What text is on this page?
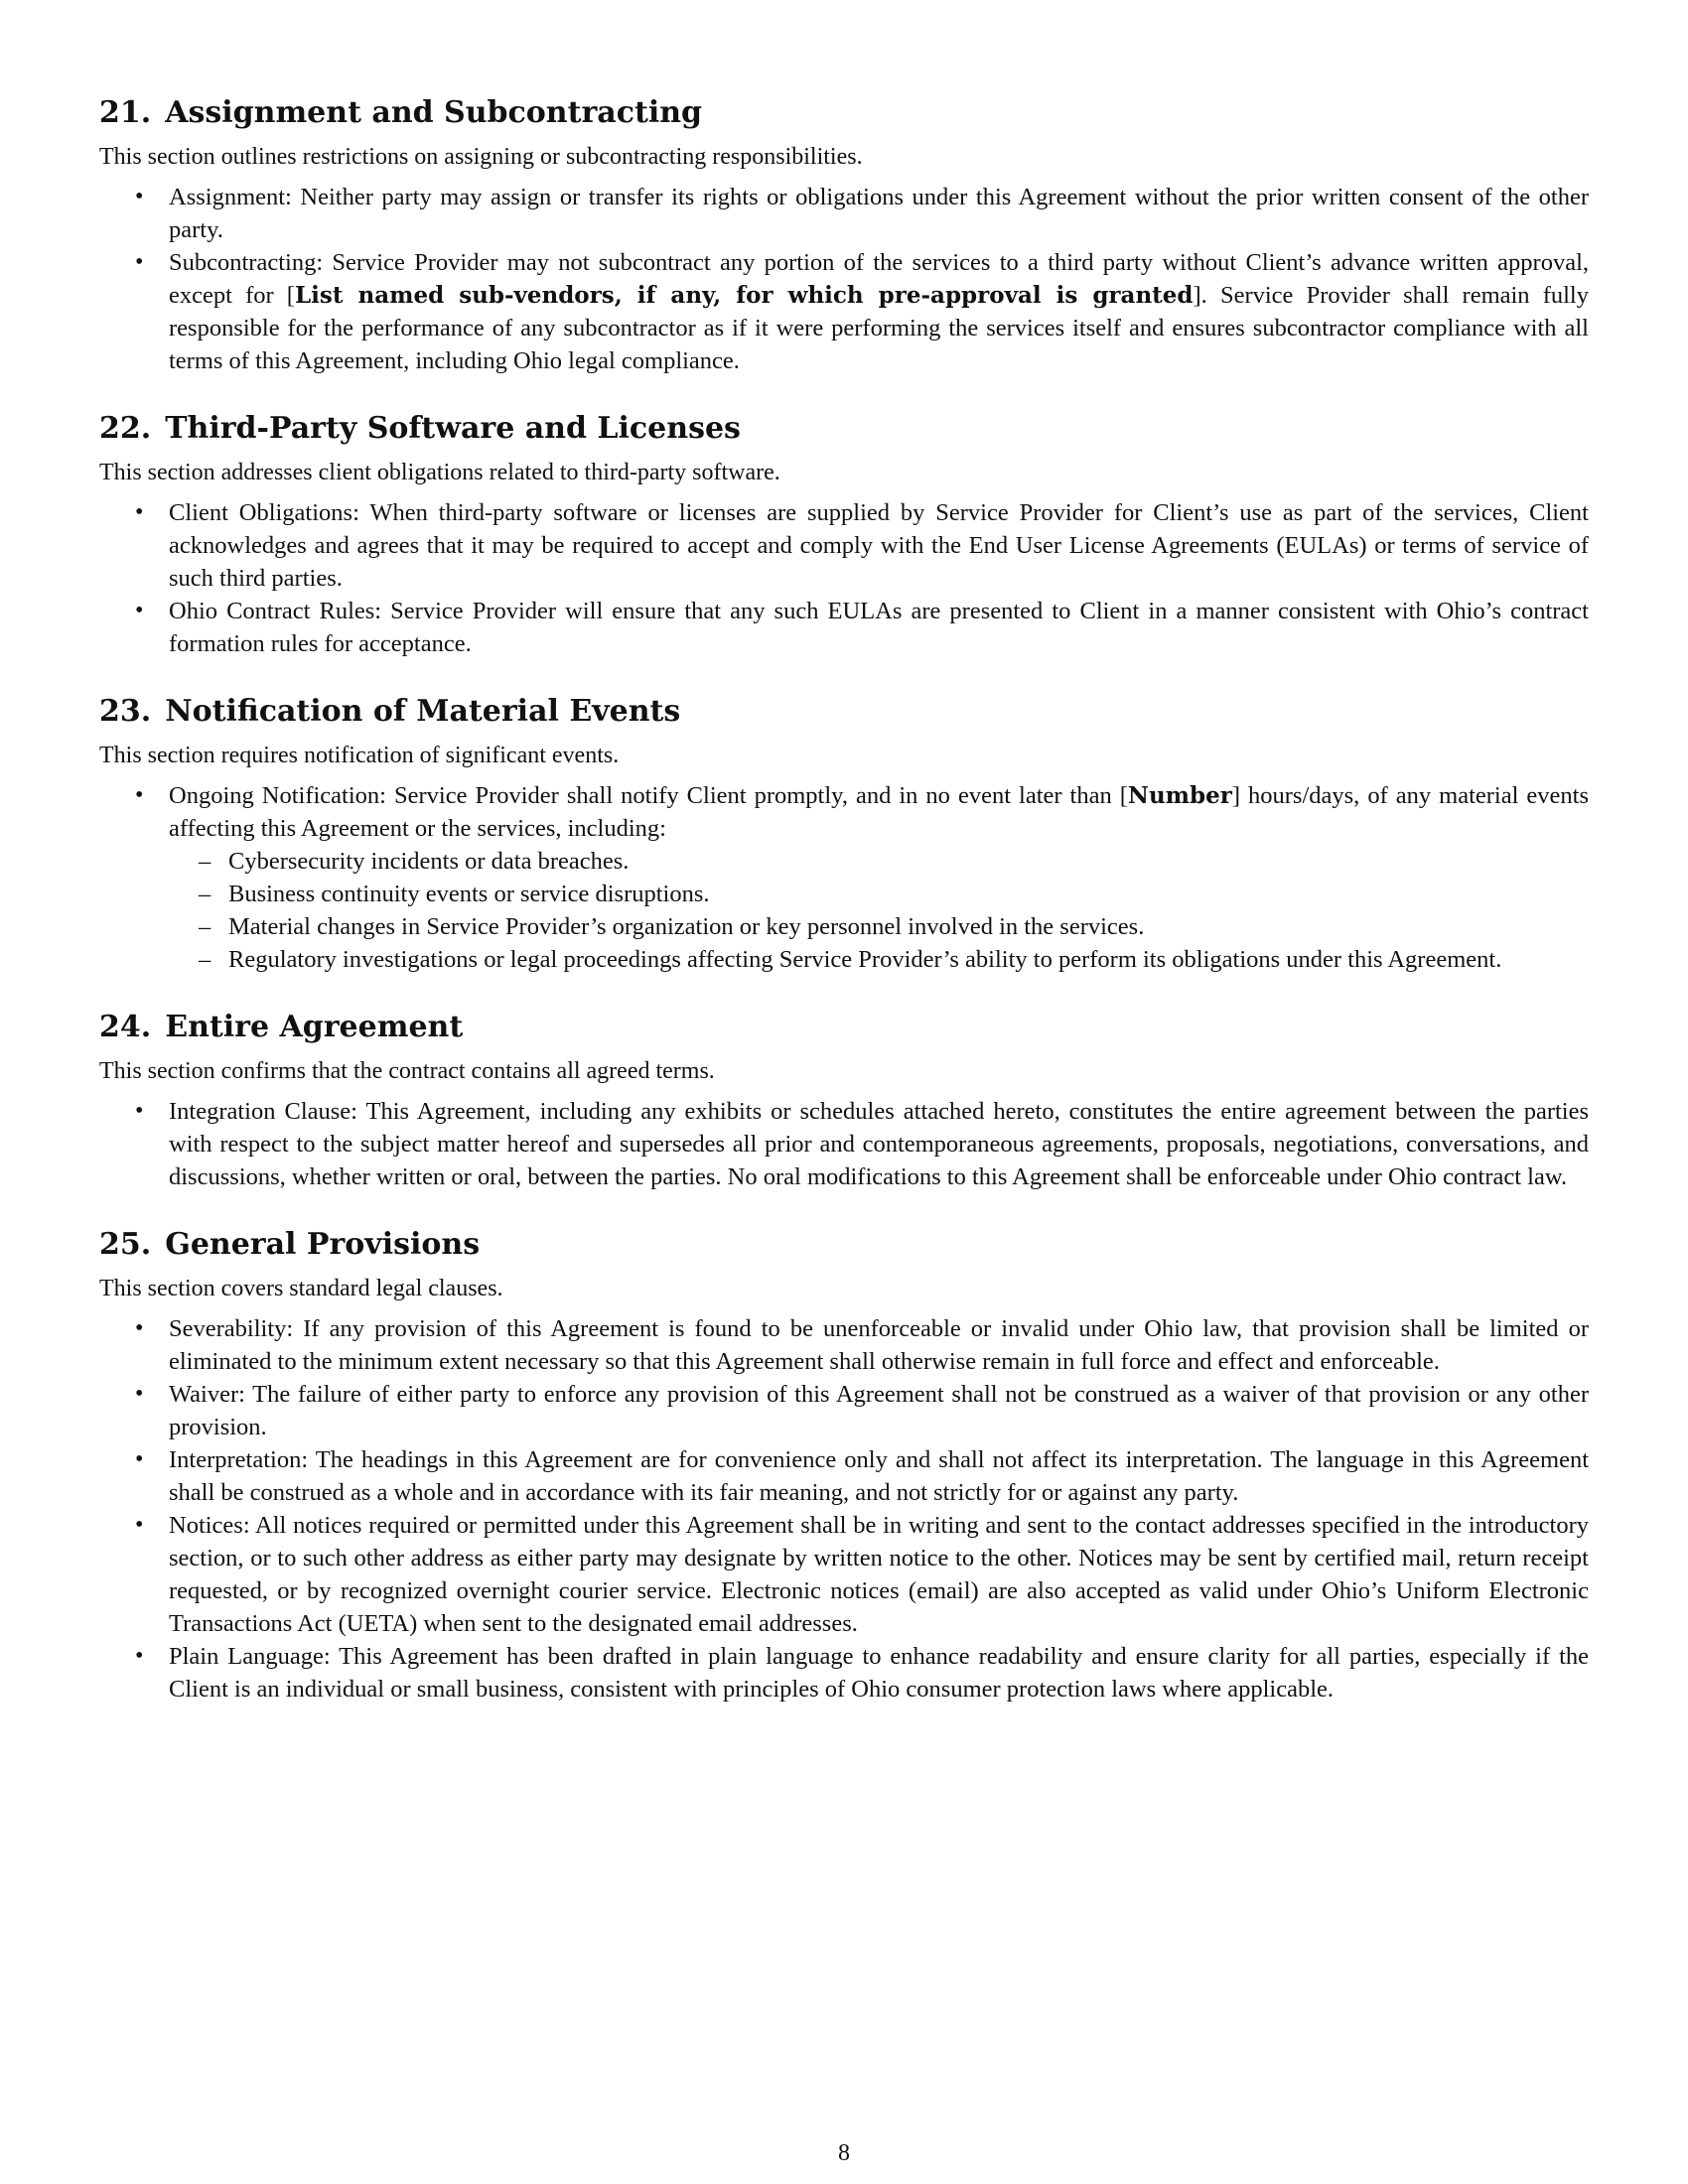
21. Assignment and Subcontracting

This section outlines restrictions on assigning or subcontracting responsibilities.

• Assignment: Neither party may assign or transfer its rights or obligations under this Agreement without the prior written consent of the other party.
• Subcontracting: Service Provider may not subcontract any portion of the services to a third party without Client’s advance written approval, except for [List named sub-vendors, if any, for which pre-approval is granted]. Service Provider shall remain fully responsible for the performance of any subcontractor as if it were performing the services itself and ensures subcontractor compliance with all terms of this Agreement, including Ohio legal compliance.
22. Third-Party Software and Licenses

This section addresses client obligations related to third-party software.

• Client Obligations: When third-party software or licenses are supplied by Service Provider for Client’s use as part of the services, Client acknowledges and agrees that it may be required to accept and comply with the End User License Agreements (EULAs) or terms of service of such third parties.
• Ohio Contract Rules: Service Provider will ensure that any such EULAs are presented to Client in a manner consistent with Ohio’s contract formation rules for acceptance.
23. Notification of Material Events

This section requires notification of significant events.

• Ongoing Notification: Service Provider shall notify Client promptly, and in no event later than [Number] hours/days, of any material events affecting this Agreement or the services, including:
– Cybersecurity incidents or data breaches.
– Business continuity events or service disruptions.
– Material changes in Service Provider’s organization or key personnel involved in the services.
– Regulatory investigations or legal proceedings affecting Service Provider’s ability to perform its obligations under this Agreement.
24. Entire Agreement

This section confirms that the contract contains all agreed terms.

• Integration Clause: This Agreement, including any exhibits or schedules attached hereto, constitutes the entire agreement between the parties with respect to the subject matter hereof and supersedes all prior and contemporaneous agreements, proposals, negotiations, conversations, and discussions, whether written or oral, between the parties. No oral modifications to this Agreement shall be enforceable under Ohio contract law.
25. General Provisions

This section covers standard legal clauses.

• Severability: If any provision of this Agreement is found to be unenforceable or invalid under Ohio law, that provision shall be limited or eliminated to the minimum extent necessary so that this Agreement shall otherwise remain in full force and effect and enforceable.
• Waiver: The failure of either party to enforce any provision of this Agreement shall not be construed as a waiver of that provision or any other provision.
• Interpretation: The headings in this Agreement are for convenience only and shall not affect its interpretation. The language in this Agreement shall be construed as a whole and in accordance with its fair meaning, and not strictly for or against any party.
• Notices: All notices required or permitted under this Agreement shall be in writing and sent to the contact addresses specified in the introductory section, or to such other address as either party may designate by written notice to the other. Notices may be sent by certified mail, return receipt requested, or by recognized overnight courier service. Electronic notices (email) are also accepted as valid under Ohio’s Uniform Electronic Transactions Act (UETA) when sent to the designated email addresses.
• Plain Language: This Agreement has been drafted in plain language to enhance readability and ensure clarity for all parties, especially if the Client is an individual or small business, consistent with principles of Ohio consumer protection laws where applicable.
8
